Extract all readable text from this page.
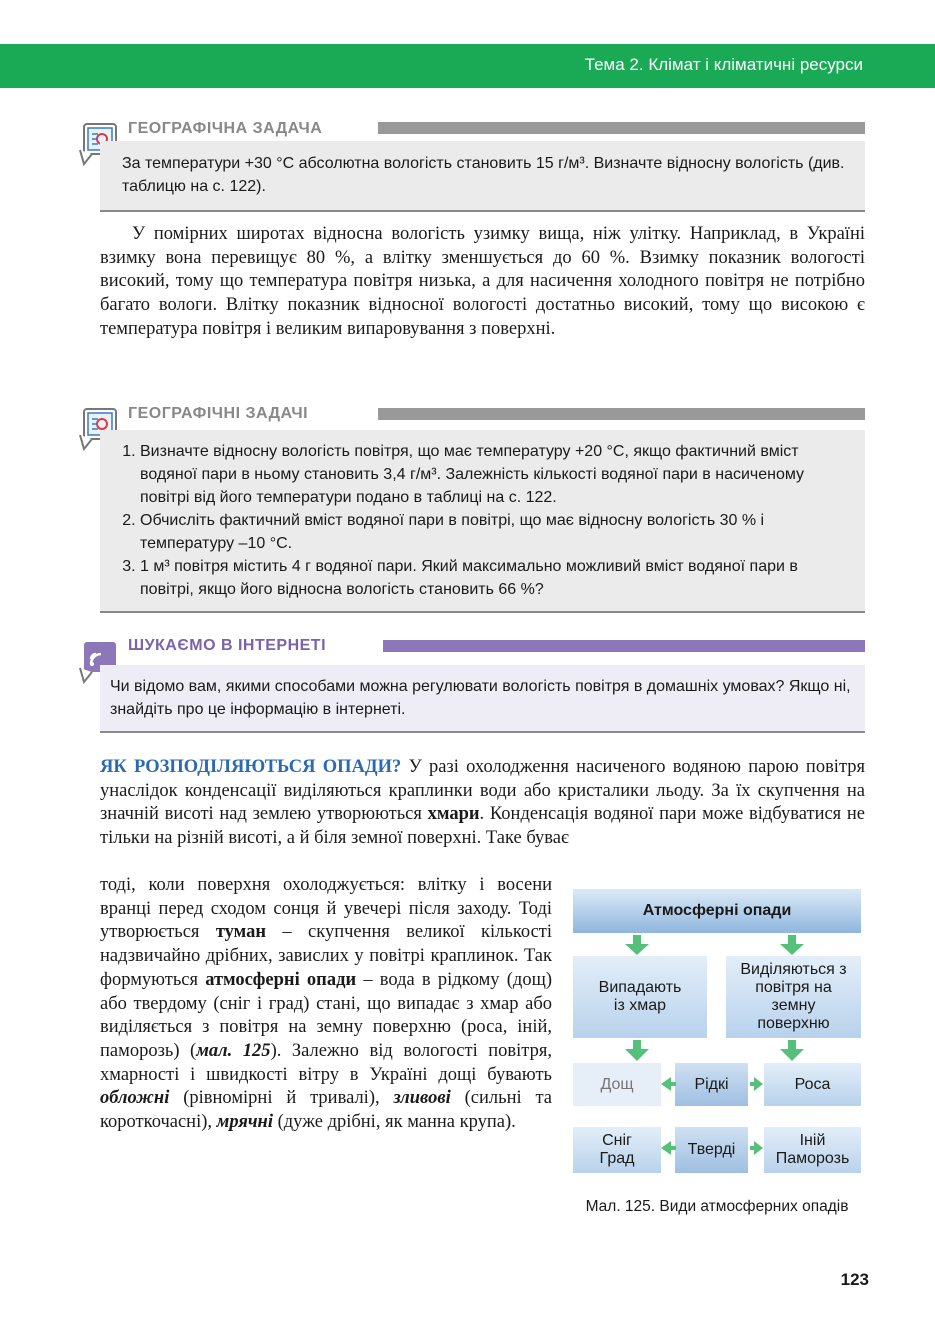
Тема 2. Клімат і кліматичні ресурси
ГЕОГРАФІЧНА ЗАДАЧА
За температури +30 °С абсолютна вологість становить 15 г/м³. Визначте відносну вологість (див. таблицю на с. 122).
У помірних широтах відносна вологість узимку вища, ніж улітку. Наприклад, в Україні взимку вона перевищує 80 %, а влітку зменшується до 60 %. Взимку показник вологості високий, тому що температура повітря низька, а для насичення холодного повітря не потрібно багато вологи. Влітку показник відносної вологості достатньо високий, тому що високою є температура повітря і великим випаровування з поверхні.
ГЕОГРАФІЧНІ ЗАДАЧІ
1. Визначте відносну вологість повітря, що має температуру +20 °С, якщо фактичний вміст водяної пари в ньому становить 3,4 г/м³. Залежність кількості водяної пари в насиченому повітрі від його температури подано в таблиці на с. 122.
2. Обчисліть фактичний вміст водяної пари в повітрі, що має відносну вологість 30 % і температуру –10 °С.
3. 1 м³ повітря містить 4 г водяної пари. Який максимально можливий вміст водяної пари в повітрі, якщо його відносна вологість становить 66 %?
ШУКАЄМО В ІНТЕРНЕТІ
Чи відомо вам, якими способами можна регулювати вологість повітря в домашніх умовах? Якщо ні, знайдіть про це інформацію в інтернеті.
ЯК РОЗПОДІЛЯЮТЬСЯ ОПАДИ? У разі охолодження насиченого водяною парою повітря унаслідок конденсації виділяються краплинки води або кристалики льоду. За їх скупчення на значній висоті над землею утворюються хмари. Конденсація водяної пари може відбуватися не тільки на різній висоті, а й біля земної поверхні. Таке буває
тоді, коли поверхня охолоджується: влітку і восени вранці перед сходом сонця й увечері після заходу. Тоді утворюється туман – скупчення великої кількості надзвичайно дрібних, завислих у повітрі краплинок. Так формуються атмосферні опади – вода в рідкому (дощ) або твердому (сніг і град) стані, що випадає з хмар або виділяється з повітря на земну поверхню (роса, іній, паморозь) (мал. 125). Залежно від вологості повітря, хмарності і швидкості вітру в Україні дощі бувають обложні (рівномірні й тривалі), зливові (сильні та короткочасні), мрячні (дуже дрібні, як манна крупа).
Атмосферні опади
Випадають із хмар
Виділяються з повітря на земну поверхню
Дощ	Рідкі	Роса
Сніг Град
Тверді
Іній Паморозь
Мал. 125. Види атмосферних опадів
123
